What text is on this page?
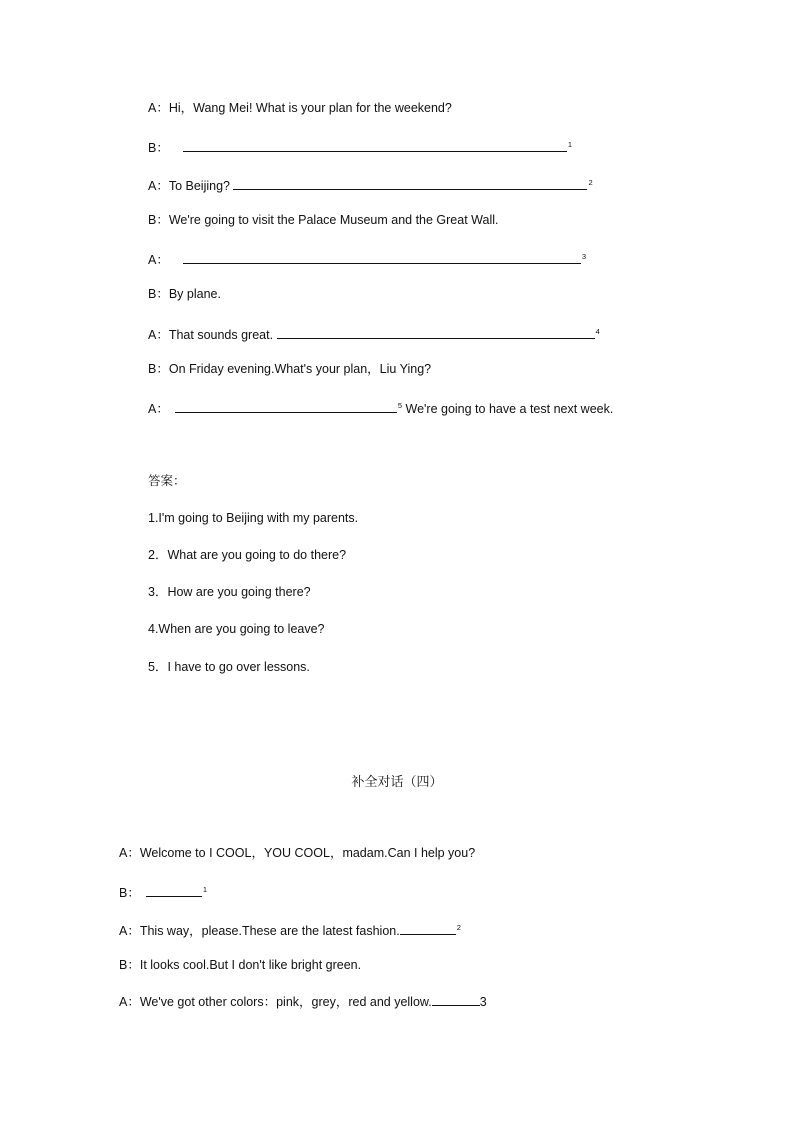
A：Hi，Wang Mei! What is your plan for the weekend?
B：	$^1$
A：To Beijing?	$^2$
B：We're going to visit the Palace Museum and the Great Wall.
A：	$^3$
B：By plane.
A：That sounds great.	$^4$
B：On Friday evening.What's your plan，Liu Ying?
A：	$^5$ We're going to have a test next week.
答案：
1.I'm going to Beijing with my parents.
2．What are you going to do there?
3．How are you going there?
4.When are you going to leave?
5．I have to go over lessons.
补全对话（四）
A：Welcome to I COOL，YOU COOL，madam.Can I help you?
B：	$^1$
A：This way，please.These are the latest fashion.	$^2$
B：It looks cool.But I don't like bright green.
A：We've got other colors：pink，grey，red and yellow.	3
